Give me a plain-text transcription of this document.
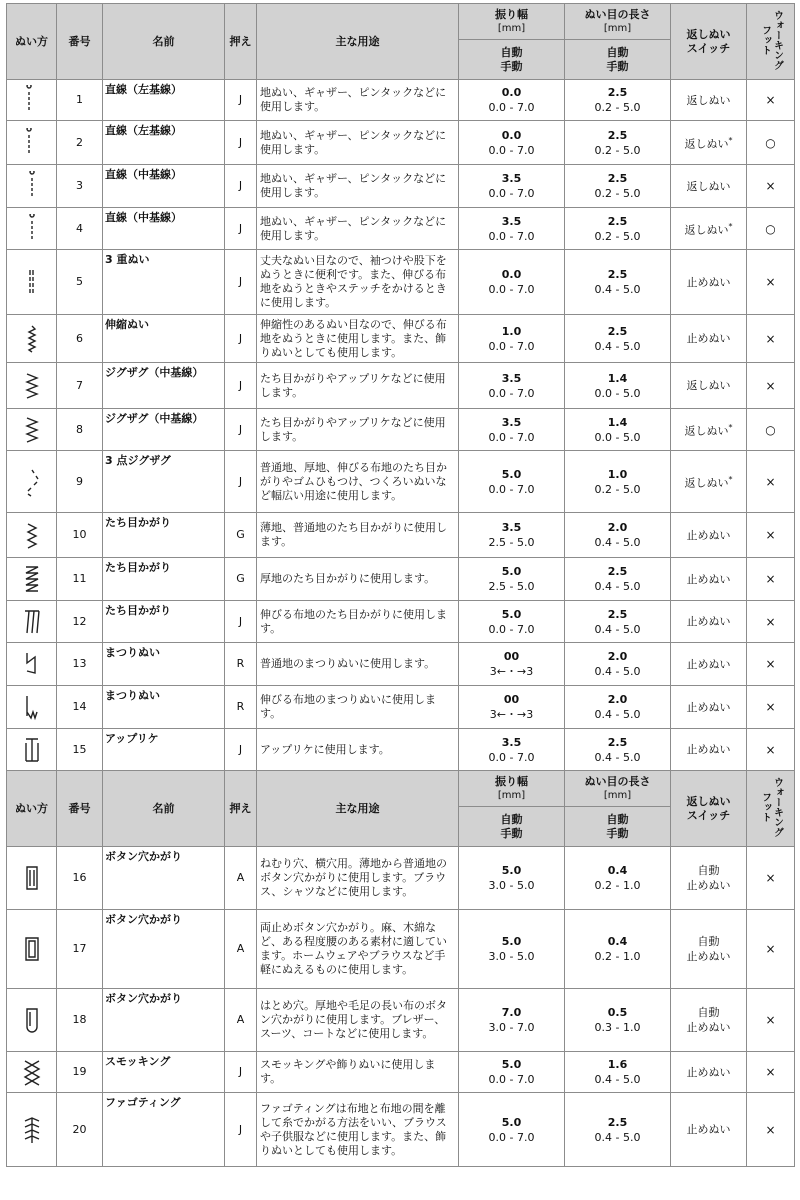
ぬい方	番号	名前	押え	主な用途	振り幅
[mm]	ぬい目の長さ
[mm]	返しぬい
スイッチ	ウォーキング
フット

					自動
手動	自動
手動		

	1	直線（左基線）	J	地ぬい、ギャザー、ピンタックなどに使用します。	0.0
0.0 - 7.0	2.5
0.2 - 5.0	返しぬい	×

	2	直線（左基線）	J	地ぬい、ギャザー、ピンタックなどに使用します。	0.0
0.0 - 7.0	2.5
0.2 - 5.0	返しぬい*	○

	3	直線（中基線）	J	地ぬい、ギャザー、ピンタックなどに使用します。	3.5
0.0 - 7.0	2.5
0.2 - 5.0	返しぬい	×

	4	直線（中基線）	J	地ぬい、ギャザー、ピンタックなどに使用します。	3.5
0.0 - 7.0	2.5
0.2 - 5.0	返しぬい*	○

	5	3 重ぬい	J	丈夫なぬい目なので、袖つけや股下をぬうときに便利です。また、伸びる布地をぬうときやステッチをかけるときに使用します。	0.0
0.0 - 7.0	2.5
0.4 - 5.0	止めぬい	×

	6	伸縮ぬい	J	伸縮性のあるぬい目なので、伸びる布地をぬうときに使用します。また、飾りぬいとしても使用します。	1.0
0.0 - 7.0	2.5
0.4 - 5.0	止めぬい	×

	7	ジグザグ（中基線）	J	たち目かがりやアップリケなどに使用します。	3.5
0.0 - 7.0	1.4
0.0 - 5.0	返しぬい	×

	8	ジグザグ（中基線）	J	たち目かがりやアップリケなどに使用します。	3.5
0.0 - 7.0	1.4
0.0 - 5.0	返しぬい*	○

	9	3 点ジグザグ	J	普通地、厚地、伸びる布地のたち目かがりやゴムひもつけ、つくろいぬいなど幅広い用途に使用します。	5.0
0.0 - 7.0	1.0
0.2 - 5.0	返しぬい*	×

	10	たち目かがり	G	薄地、普通地のたち目かがりに使用します。	3.5
2.5 - 5.0	2.0
0.4 - 5.0	止めぬい	×

	11	たち目かがり	G	厚地のたち目かがりに使用します。	5.0
2.5 - 5.0	2.5
0.4 - 5.0	止めぬい	×

	12	たち目かがり	J	伸びる布地のたち目かがりに使用します。	5.0
0.0 - 7.0	2.5
0.4 - 5.0	止めぬい	×

	13	まつりぬい	R	普通地のまつりぬいに使用します。	00
3←・→3	2.0
0.4 - 5.0	止めぬい	×

	14	まつりぬい	R	伸びる布地のまつりぬいに使用します。	00
3←・→3	2.0
0.4 - 5.0	止めぬい	×

	15	アップリケ	J	アップリケに使用します。	3.5
0.0 - 7.0	2.5
0.4 - 5.0	止めぬい	×
ぬい方	番号	名前	押え	主な用途	振り幅
[mm]	ぬい目の長さ
[mm]	返しぬい
スイッチ	ウォーキング
フット

					自動
手動	自動
手動		

	16	ボタン穴かがり	A	ねむり穴、横穴用。薄地から普通地のボタン穴かがりに使用します。ブラウス、シャツなどに使用します。	5.0
3.0 - 5.0	0.4
0.2 - 1.0	自動
止めぬい	×

	17	ボタン穴かがり	A	両止めボタン穴かがり。麻、木綿など、ある程度腰のある素材に適しています。ホームウェアやブラウスなど手軽にぬえるものに使用します。	5.0
3.0 - 5.0	0.4
0.2 - 1.0	自動
止めぬい	×

	18	ボタン穴かがり	A	はとめ穴。厚地や毛足の長い布のボタン穴かがりに使用します。ブレザー、スーツ、コートなどに使用します。	7.0
3.0 - 7.0	0.5
0.3 - 1.0	自動
止めぬい	×

	19	スモッキング	J	スモッキングや飾りぬいに使用します。	5.0
0.0 - 7.0	1.6
0.4 - 5.0	止めぬい	×

	20	ファゴティング	J	ファゴティングは布地と布地の間を離して糸でかがる方法をいい、ブラウスや子供服などに使用します。また、飾りぬいとしても使用します。	5.0
0.0 - 7.0	2.5
0.4 - 5.0	止めぬい	×
